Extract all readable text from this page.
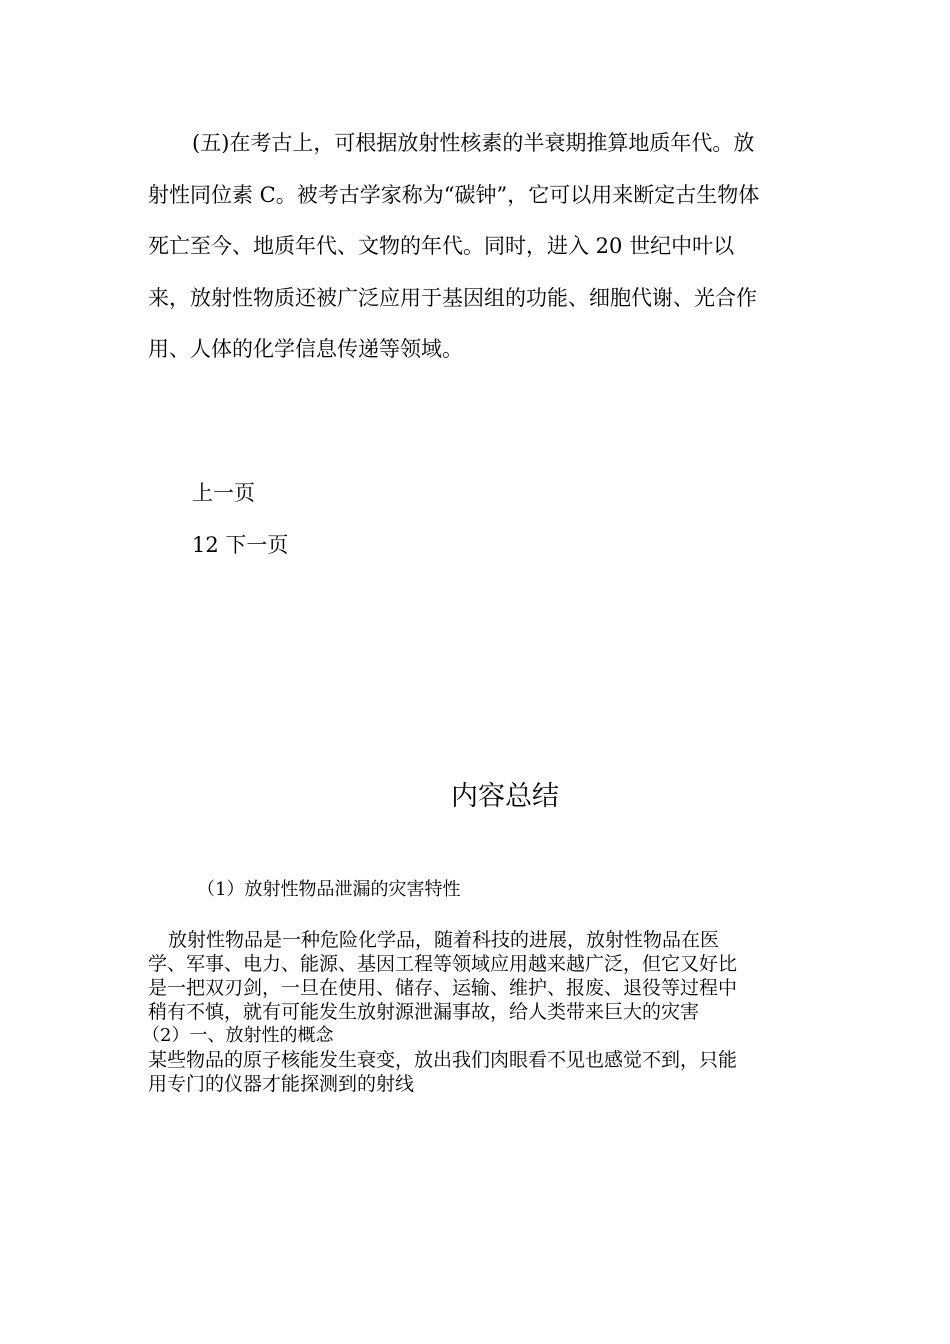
(五)在考古上，可根据放射性核素的半衰期推算地质年代。放
射性同位素 C。被考古学家称为“碳钟”，它可以用来断定古生物体
死亡至今、地质年代、文物的年代。同时，进入 20 世纪中叶以
来，放射性物质还被广泛应用于基因组的功能、细胞代谢、光合作
用、人体的化学信息传递等领域。
上一页
12 下一页
内容总结
（1）放射性物品泄漏的灾害特性
放射性物品是一种危险化学品，随着科技的进展，放射性物品在医
学、军事、电力、能源、基因工程等领域应用越来越广泛，但它又好比
是一把双刃剑，一旦在使用、储存、运输、维护、报废、退役等过程中
稍有不慎，就有可能发生放射源泄漏事故，给人类带来巨大的灾害
（2）一、放射性的概念
某些物品的原子核能发生衰变，放出我们肉眼看不见也感觉不到，只能
用专门的仪器才能探测到的射线
